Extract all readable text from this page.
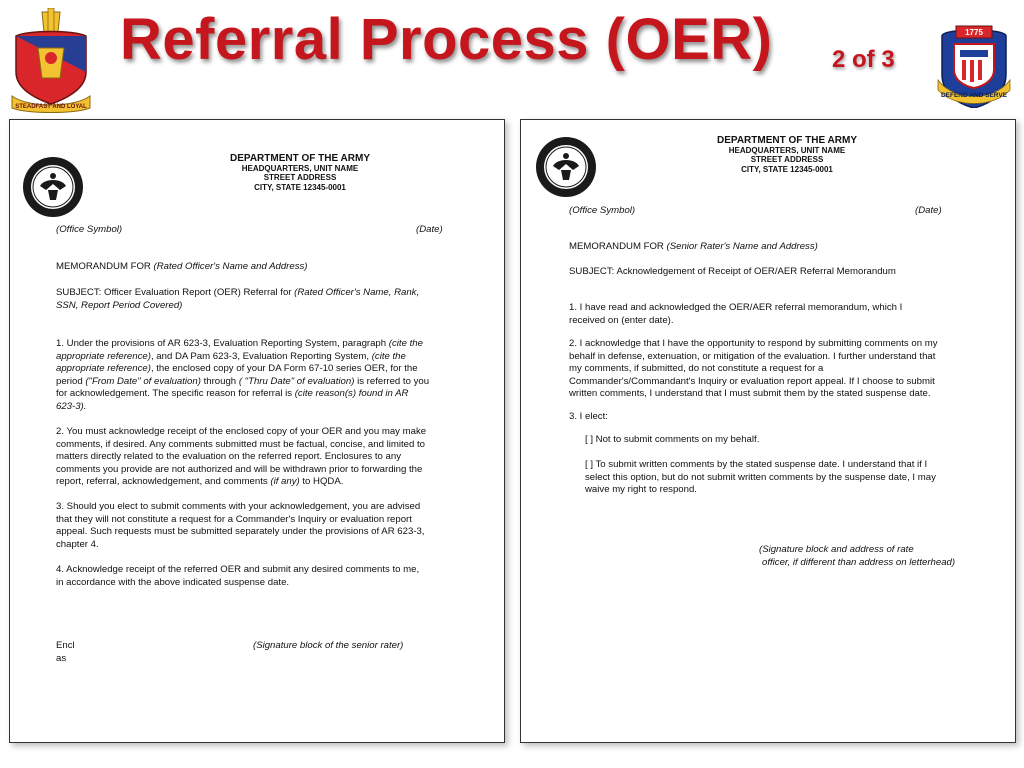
Referral Process (OER) 2 of 3
STEADFAST AND LOYAL
1775
DEFEND AND SERVE
DEPARTMENT OF THE ARMY
HEADQUARTERS, UNIT NAME
STREET ADDRESS
CITY, STATE 12345-0001
(Office Symbol)	(Date)
MEMORANDUM FOR (Rated Officer's Name and Address)
SUBJECT: Officer Evaluation Report (OER) Referral for (Rated Officer's Name, Rank,
SSN, Report Period Covered)
1. Under the provisions of AR 623-3, Evaluation Reporting System, paragraph (cite the
appropriate reference), and DA Pam 623-3, Evaluation Reporting System, (cite the
appropriate reference), the enclosed copy of your DA Form 67-10 series OER, for the
period ("From Date" of evaluation) through ( "Thru Date" of evaluation) is referred to you
for acknowledgement. The specific reason for referral is (cite reason(s) found in AR
623-3).
2. You must acknowledge receipt of the enclosed copy of your OER and you may make
comments, if desired. Any comments submitted must be factual, concise, and limited to
matters directly related to the evaluation on the referred report. Enclosures to any
comments you provide are not authorized and will be withdrawn prior to forwarding the
report, referral, acknowledgement, and comments (if any) to HQDA.
3. Should you elect to submit comments with your acknowledgement, you are advised
that they will not constitute a request for a Commander's Inquiry or evaluation report
appeal. Such requests must be submitted separately under the provisions of AR 623-3,
chapter 4.
4. Acknowledge receipt of the referred OER and submit any desired comments to me,
in accordance with the above indicated suspense date.
Encl
as
(Signature block of the senior rater)
DEPARTMENT OF THE ARMY
HEADQUARTERS, UNIT NAME
STREET ADDRESS
CITY, STATE 12345-0001
(Office Symbol)	(Date)
MEMORANDUM FOR (Senior Rater's Name and Address)
SUBJECT: Acknowledgement of Receipt of OER/AER Referral Memorandum
1. I have read and acknowledged the OER/AER referral memorandum, which I
received on (enter date).
2. I acknowledge that I have the opportunity to respond by submitting comments on my
behalf in defense, extenuation, or mitigation of the evaluation. I further understand that
my comments, if submitted, do not constitute a request for a
Commander's/Commandant's Inquiry or evaluation report appeal. If I choose to submit
written comments, I understand that I must submit them by the stated suspense date.
3. I elect:
[ ] Not to submit comments on my behalf.
[ ] To submit written comments by the stated suspense date. I understand that if I
select this option, but do not submit written comments by the suspense date, I may
waive my right to respond.
(Signature block and address of rate
officer, if different than address on letterhead)
